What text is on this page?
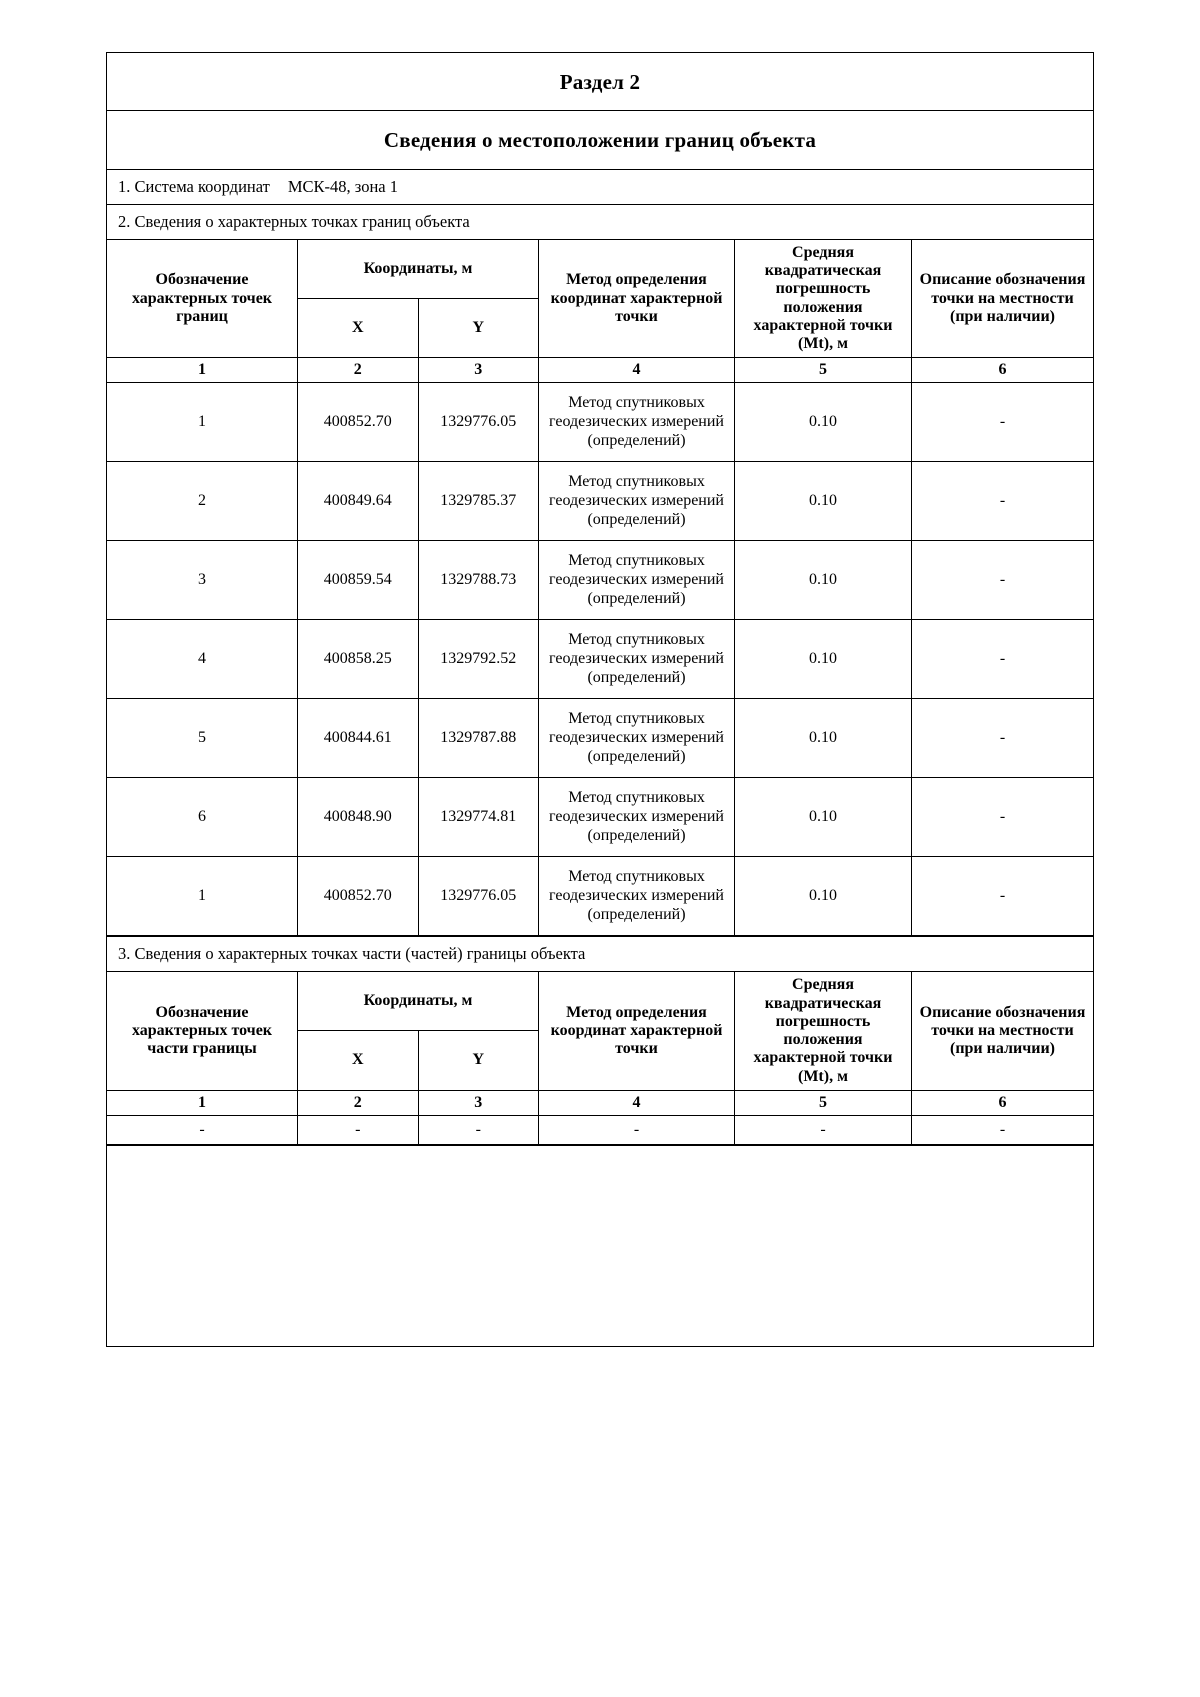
Раздел 2
Сведения о местоположении границ объекта
1. Система координат МСК-48, зона 1
2. Сведения о характерных точках границ объекта
Обозначение характерных точек границ	Координаты, м		Метод определения координат характерной точки	Средняя квадратическая погрешность положения характерной точки (Мt), м	Описание обозначения точки на местности (при наличии)
	X	Y			
1	2	3	4	5	6
1	400852.70	1329776.05	Метод спутниковых геодезических измерений (определений)	0.10	-
2	400849.64	1329785.37	Метод спутниковых геодезических измерений (определений)	0.10	-
3	400859.54	1329788.73	Метод спутниковых геодезических измерений (определений)	0.10	-
4	400858.25	1329792.52	Метод спутниковых геодезических измерений (определений)	0.10	-
5	400844.61	1329787.88	Метод спутниковых геодезических измерений (определений)	0.10	-
6	400848.90	1329774.81	Метод спутниковых геодезических измерений (определений)	0.10	-
1	400852.70	1329776.05	Метод спутниковых геодезических измерений (определений)	0.10	-
3. Сведения о характерных точках части (частей) границы объекта
Обозначение характерных точек части границы	Координаты, м		Метод определения координат характерной точки	Средняя квадратическая погрешность положения характерной точки (Мt), м	Описание обозначения точки на местности (при наличии)
	X	Y			
1	2	3	4	5	6
-	-	-	-	-	-
